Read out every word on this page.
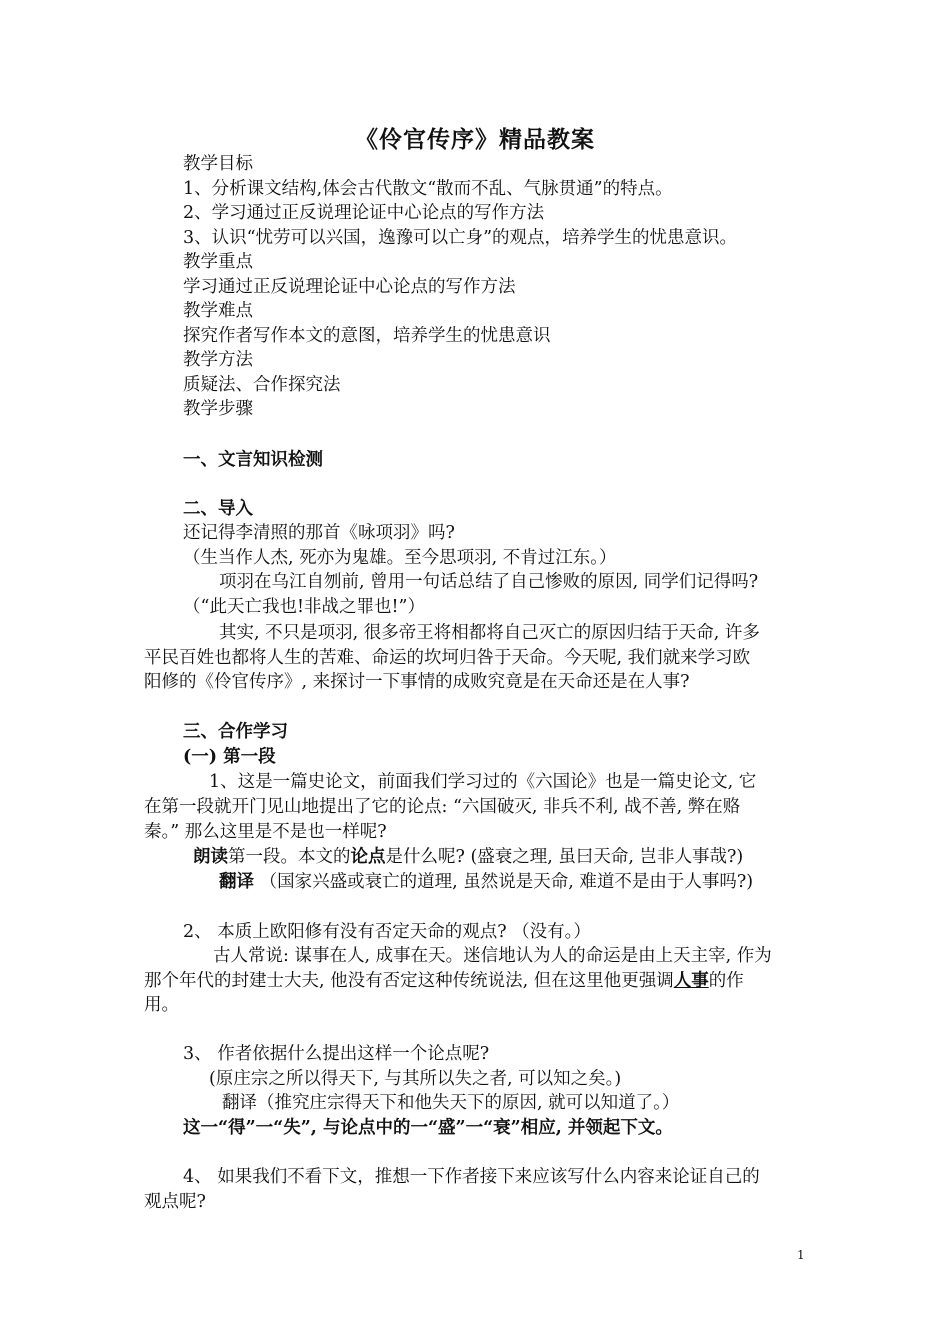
《伶官传序》精品教案
教学目标
1、分析课文结构,体会古代散文“散而不乱、气脉贯通”的特点。
2、学习通过正反说理论证中心论点的写作方法
3、认识“忧劳可以兴国，逸豫可以亡身”的观点，培养学生的忧患意识。
教学重点
学习通过正反说理论证中心论点的写作方法
教学难点
探究作者写作本文的意图，培养学生的忧患意识
教学方法
质疑法、合作探究法
教学步骤
一、文言知识检测
二、导入
还记得李清照的那首《咏项羽》吗?
（生当作人杰, 死亦为鬼雄。至今思项羽, 不肯过江东。）
项羽在乌江自刎前, 曾用一句话总结了自己惨败的原因, 同学们记得吗?
（“此天亡我也!非战之罪也!”）
其实, 不只是项羽, 很多帝王将相都将自己灭亡的原因归结于天命, 许多
平民百姓也都将人生的苦难、命运的坎坷归咎于天命。今天呢, 我们就来学习欧
阳修的《伶官传序》, 来探讨一下事情的成败究竟是在天命还是在人事?
三、合作学习
(一) 第一段
1、这是一篇史论文，前面我们学习过的《六国论》也是一篇史论文, 它
在第一段就开门见山地提出了它的论点: “六国破灭, 非兵不利, 战不善, 弊在赂
秦。” 那么这里是不是也一样呢?
朗读第一段。本文的论点是什么呢? (盛衰之理, 虽曰天命, 岂非人事哉?)
翻译 （国家兴盛或衰亡的道理, 虽然说是天命, 难道不是由于人事吗?)
2、 本质上欧阳修有没有否定天命的观点? （没有。）
古人常说: 谋事在人, 成事在天。迷信地认为人的命运是由上天主宰, 作为
那个年代的封建士大夫, 他没有否定这种传统说法, 但在这里他更强调人事的作
用。
3、 作者依据什么提出这样一个论点呢?
(原庄宗之所以得天下, 与其所以失之者, 可以知之矣。)
翻译（推究庄宗得天下和他失天下的原因, 就可以知道了。）
这一“得”一“失”, 与论点中的一“盛”一“衰”相应, 并领起下文。
4、 如果我们不看下文，推想一下作者接下来应该写什么内容来论证自己的
观点呢?
1
